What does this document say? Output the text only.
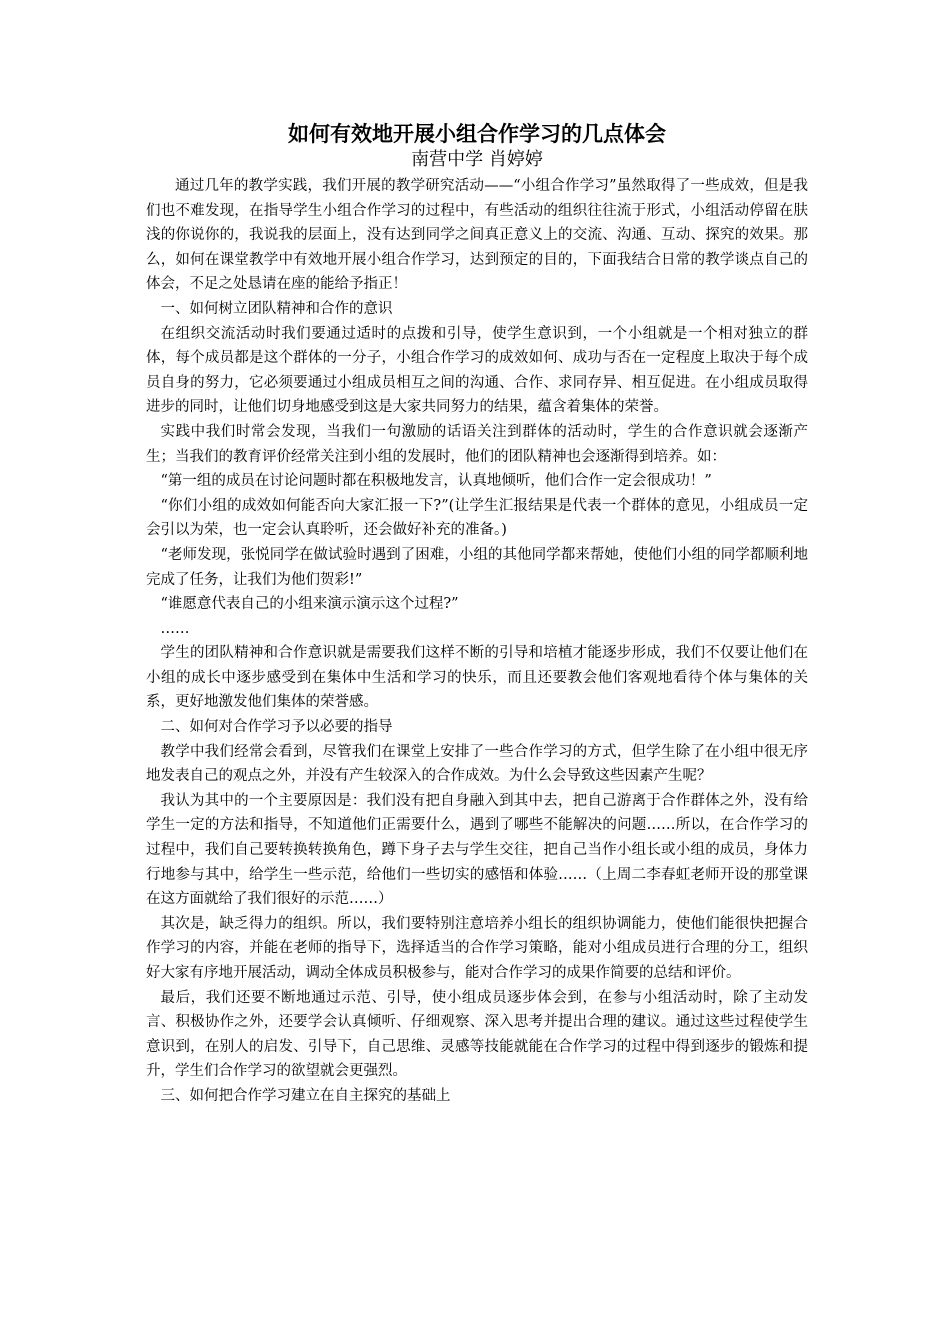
如何有效地开展小组合作学习的几点体会
南营中学 肖婷婷

通过几年的教学实践，我们开展的教学研究活动——“小组合作学习”虽然取得了一些成效，但是我们也不难发现，在指导学生小组合作学习的过程中，有些活动的组织往往流于形式，小组活动停留在肤浅的你说你的，我说我的层面上，没有达到同学之间真正意义上的交流、沟通、互动、探究的效果。那么，如何在课堂教学中有效地开展小组合作学习，达到预定的目的，下面我结合日常的教学谈点自己的体会，不足之处恳请在座的能给予指正！

一、如何树立团队精神和合作的意识

在组织交流活动时我们要通过适时的点拨和引导，使学生意识到，一个小组就是一个相对独立的群体，每个成员都是这个群体的一分子，小组合作学习的成效如何、成功与否在一定程度上取决于每个成员自身的努力，它必须要通过小组成员相互之间的沟通、合作、求同存异、相互促进。在小组成员取得进步的同时，让他们切身地感受到这是大家共同努力的结果，蕴含着集体的荣誉。

实践中我们时常会发现，当我们一句激励的话语关注到群体的活动时，学生的合作意识就会逐渐产生；当我们的教育评价经常关注到小组的发展时，他们的团队精神也会逐渐得到培养。如：

“第一组的成员在讨论问题时都在积极地发言，认真地倾听，他们合作一定会很成功！”

“你们小组的成效如何能否向大家汇报一下?”(让学生汇报结果是代表一个群体的意见，小组成员一定会引以为荣，也一定会认真聆听，还会做好补充的准备。)

“老师发现，张悦同学在做试验时遇到了困难，小组的其他同学都来帮她，使他们小组的同学都顺利地完成了任务，让我们为他们贺彩!”

“谁愿意代表自己的小组来演示演示这个过程?”

……

学生的团队精神和合作意识就是需要我们这样不断的引导和培植才能逐步形成，我们不仅要让他们在小组的成长中逐步感受到在集体中生活和学习的快乐，而且还要教会他们客观地看待个体与集体的关系，更好地激发他们集体的荣誉感。

二、如何对合作学习予以必要的指导

教学中我们经常会看到，尽管我们在课堂上安排了一些合作学习的方式，但学生除了在小组中很无序地发表自己的观点之外，并没有产生较深入的合作成效。为什么会导致这些因素产生呢？

我认为其中的一个主要原因是：我们没有把自身融入到其中去，把自己游离于合作群体之外，没有给学生一定的方法和指导，不知道他们正需要什么，遇到了哪些不能解决的问题……所以，在合作学习的过程中，我们自己要转换转换角色，蹲下身子去与学生交往，把自己当作小组长或小组的成员，身体力行地参与其中，给学生一些示范，给他们一些切实的感悟和体验……（上周二李春虹老师开设的那堂课在这方面就给了我们很好的示范……）

其次是，缺乏得力的组织。所以，我们要特别注意培养小组长的组织协调能力，使他们能很快把握合作学习的内容，并能在老师的指导下，选择适当的合作学习策略，能对小组成员进行合理的分工，组织好大家有序地开展活动，调动全体成员积极参与，能对合作学习的成果作简要的总结和评价。

最后，我们还要不断地通过示范、引导，使小组成员逐步体会到，在参与小组活动时，除了主动发言、积极协作之外，还要学会认真倾听、仔细观察、深入思考并提出合理的建议。通过这些过程使学生意识到，在别人的启发、引导下，自己思维、灵感等技能就能在合作学习的过程中得到逐步的锻炼和提升，学生们合作学习的欲望就会更强烈。

三、如何把合作学习建立在自主探究的基础上
